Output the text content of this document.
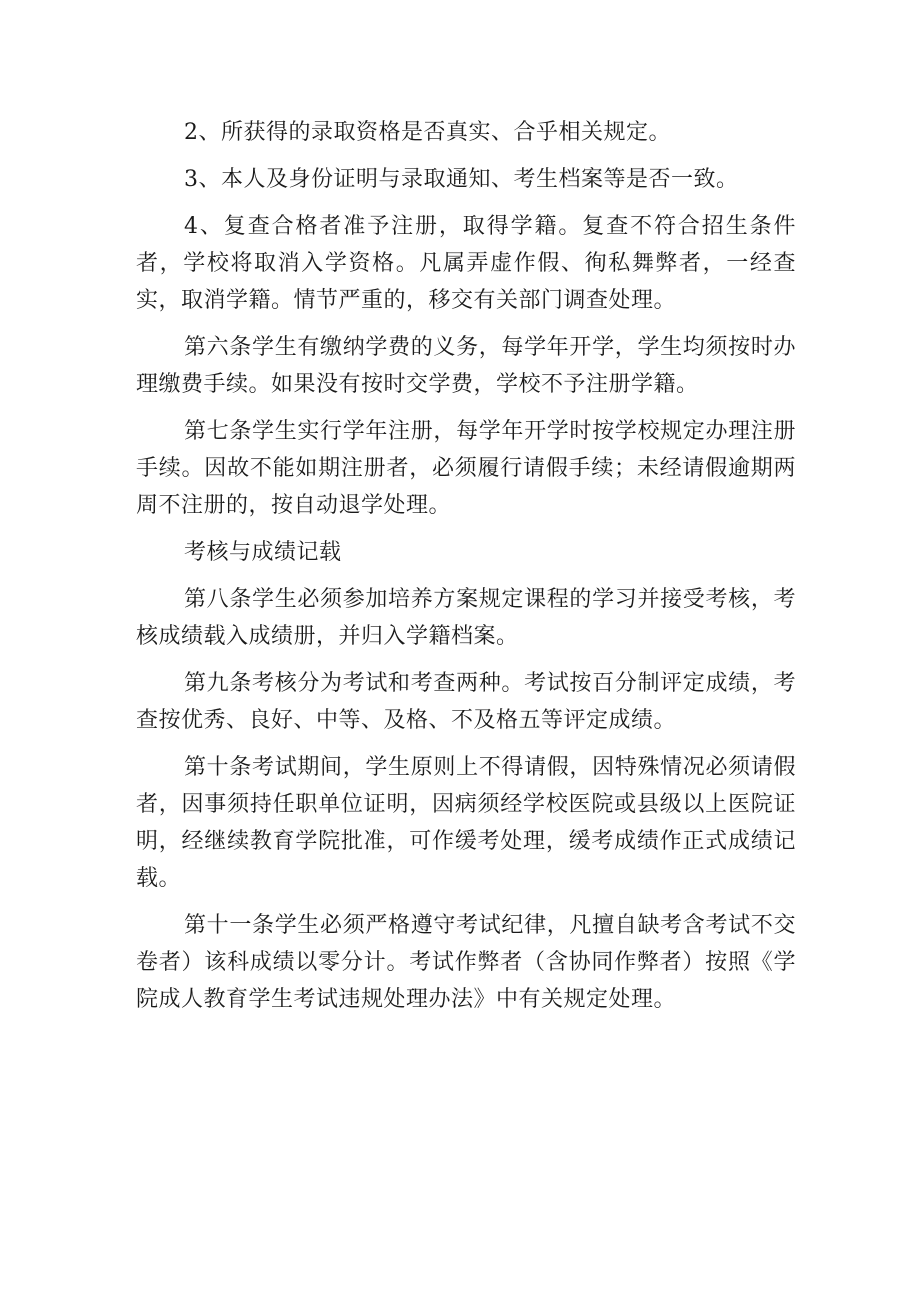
2、所获得的录取资格是否真实、合乎相关规定。

3、本人及身份证明与录取通知、考生档案等是否一致。

4、复查合格者准予注册，取得学籍。复查不符合招生条件者，学校将取消入学资格。凡属弄虚作假、徇私舞弊者，一经查实，取消学籍。情节严重的，移交有关部门调查处理。

第六条学生有缴纳学费的义务，每学年开学，学生均须按时办理缴费手续。如果没有按时交学费，学校不予注册学籍。

第七条学生实行学年注册，每学年开学时按学校规定办理注册手续。因故不能如期注册者，必须履行请假手续；未经请假逾期两周不注册的，按自动退学处理。

考核与成绩记载

第八条学生必须参加培养方案规定课程的学习并接受考核，考核成绩载入成绩册，并归入学籍档案。

第九条考核分为考试和考查两种。考试按百分制评定成绩，考查按优秀、良好、中等、及格、不及格五等评定成绩。

第十条考试期间，学生原则上不得请假，因特殊情况必须请假者，因事须持任职单位证明，因病须经学校医院或县级以上医院证明，经继续教育学院批准，可作缓考处理，缓考成绩作正式成绩记载。

第十一条学生必须严格遵守考试纪律，凡擅自缺考含考试不交卷者）该科成绩以零分计。考试作弊者（含协同作弊者）按照《学院成人教育学生考试违规处理办法》中有关规定处理。
